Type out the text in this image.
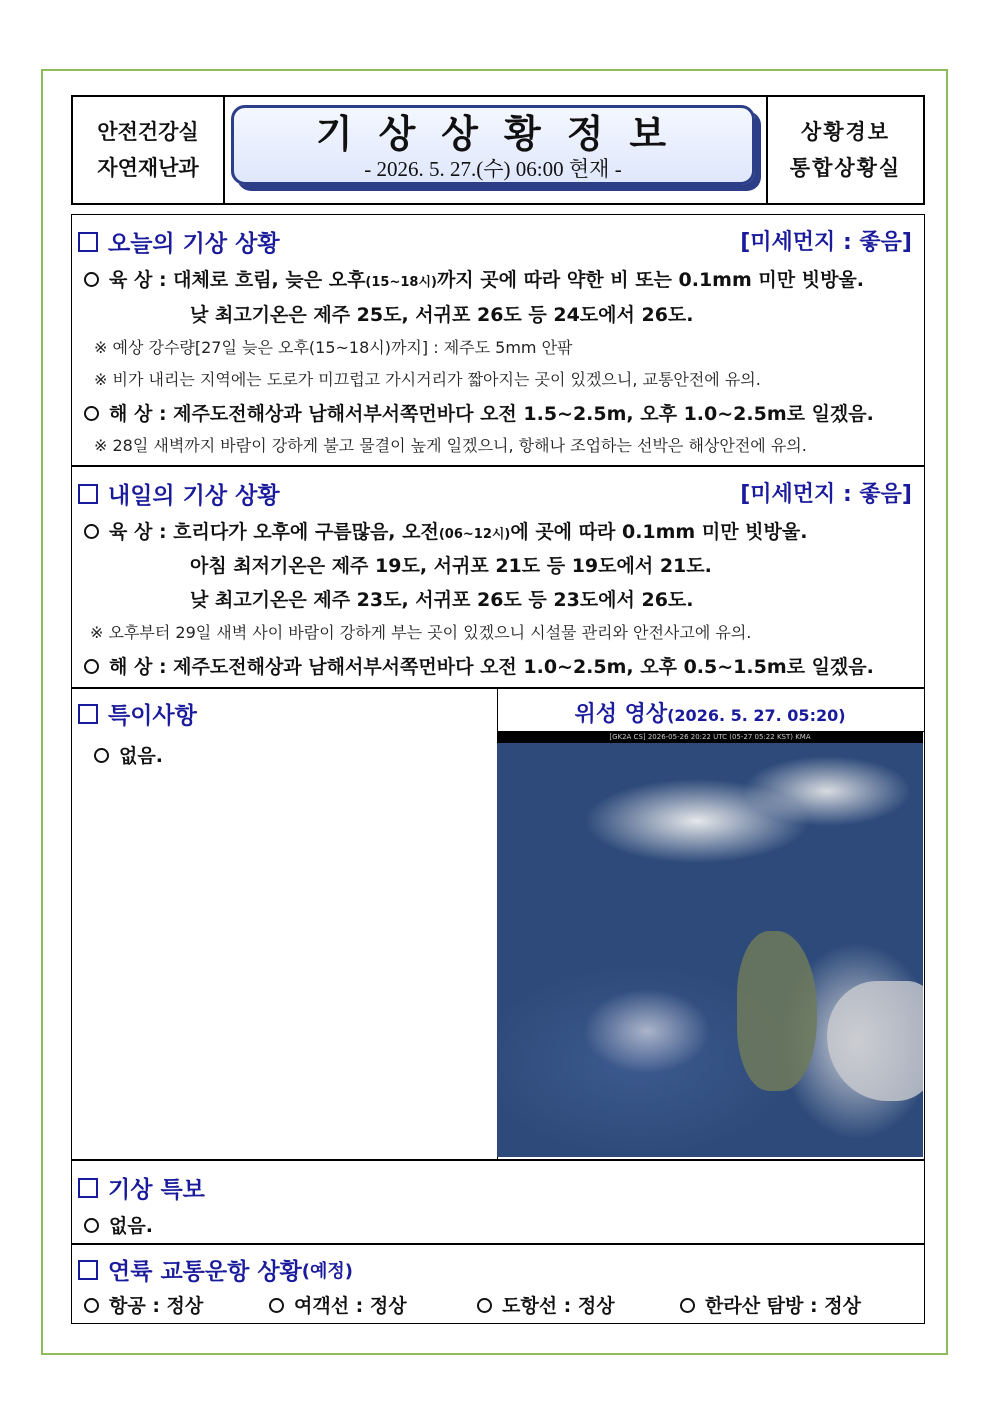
안전건강실
자연재난과
기상상황정보
- 2026. 5. 27.(수) 06:00 현재 -
상황경보
통합상황실
오늘의 기상 상황	[미세먼지 : 좋음]
육 상 : 대체로 흐림, 늦은 오후(15~18시)까지 곳에 따라 약한 비 또는 0.1mm 미만 빗방울.
낮 최고기온은 제주 25도, 서귀포 26도 등 24도에서 26도.
※ 예상 강수량[27일 늦은 오후(15~18시)까지] : 제주도 5mm 안팎
※ 비가 내리는 지역에는 도로가 미끄럽고 가시거리가 짧아지는 곳이 있겠으니, 교통안전에 유의.
해 상 : 제주도전해상과 남해서부서쪽먼바다 오전 1.5~2.5m, 오후 1.0~2.5m로 일겠음.
※ 28일 새벽까지 바람이 강하게 불고 물결이 높게 일겠으니, 항해나 조업하는 선박은 해상안전에 유의.
내일의 기상 상황	[미세먼지 : 좋음]
육 상 : 흐리다가 오후에 구름많음, 오전(06~12시)에 곳에 따라 0.1mm 미만 빗방울.
아침 최저기온은 제주 19도, 서귀포 21도 등 19도에서 21도.
낮 최고기온은 제주 23도, 서귀포 26도 등 23도에서 26도.
※ 오후부터 29일 새벽 사이 바람이 강하게 부는 곳이 있겠으니 시설물 관리와 안전사고에 유의.
해 상 : 제주도전해상과 남해서부서쪽먼바다 오전 1.0~2.5m, 오후 0.5~1.5m로 일겠음.
특이사항
없음.
위성 영상(2026. 5. 27. 05:20)
[GK2A CS] 2026-05-26 20:22 UTC (05-27 05:22 KST) KMA
기상 특보
없음.
연륙 교통운항 상황 (예정)
항공 : 정상	여객선 : 정상	도항선 : 정상	한라산 탐방 : 정상
